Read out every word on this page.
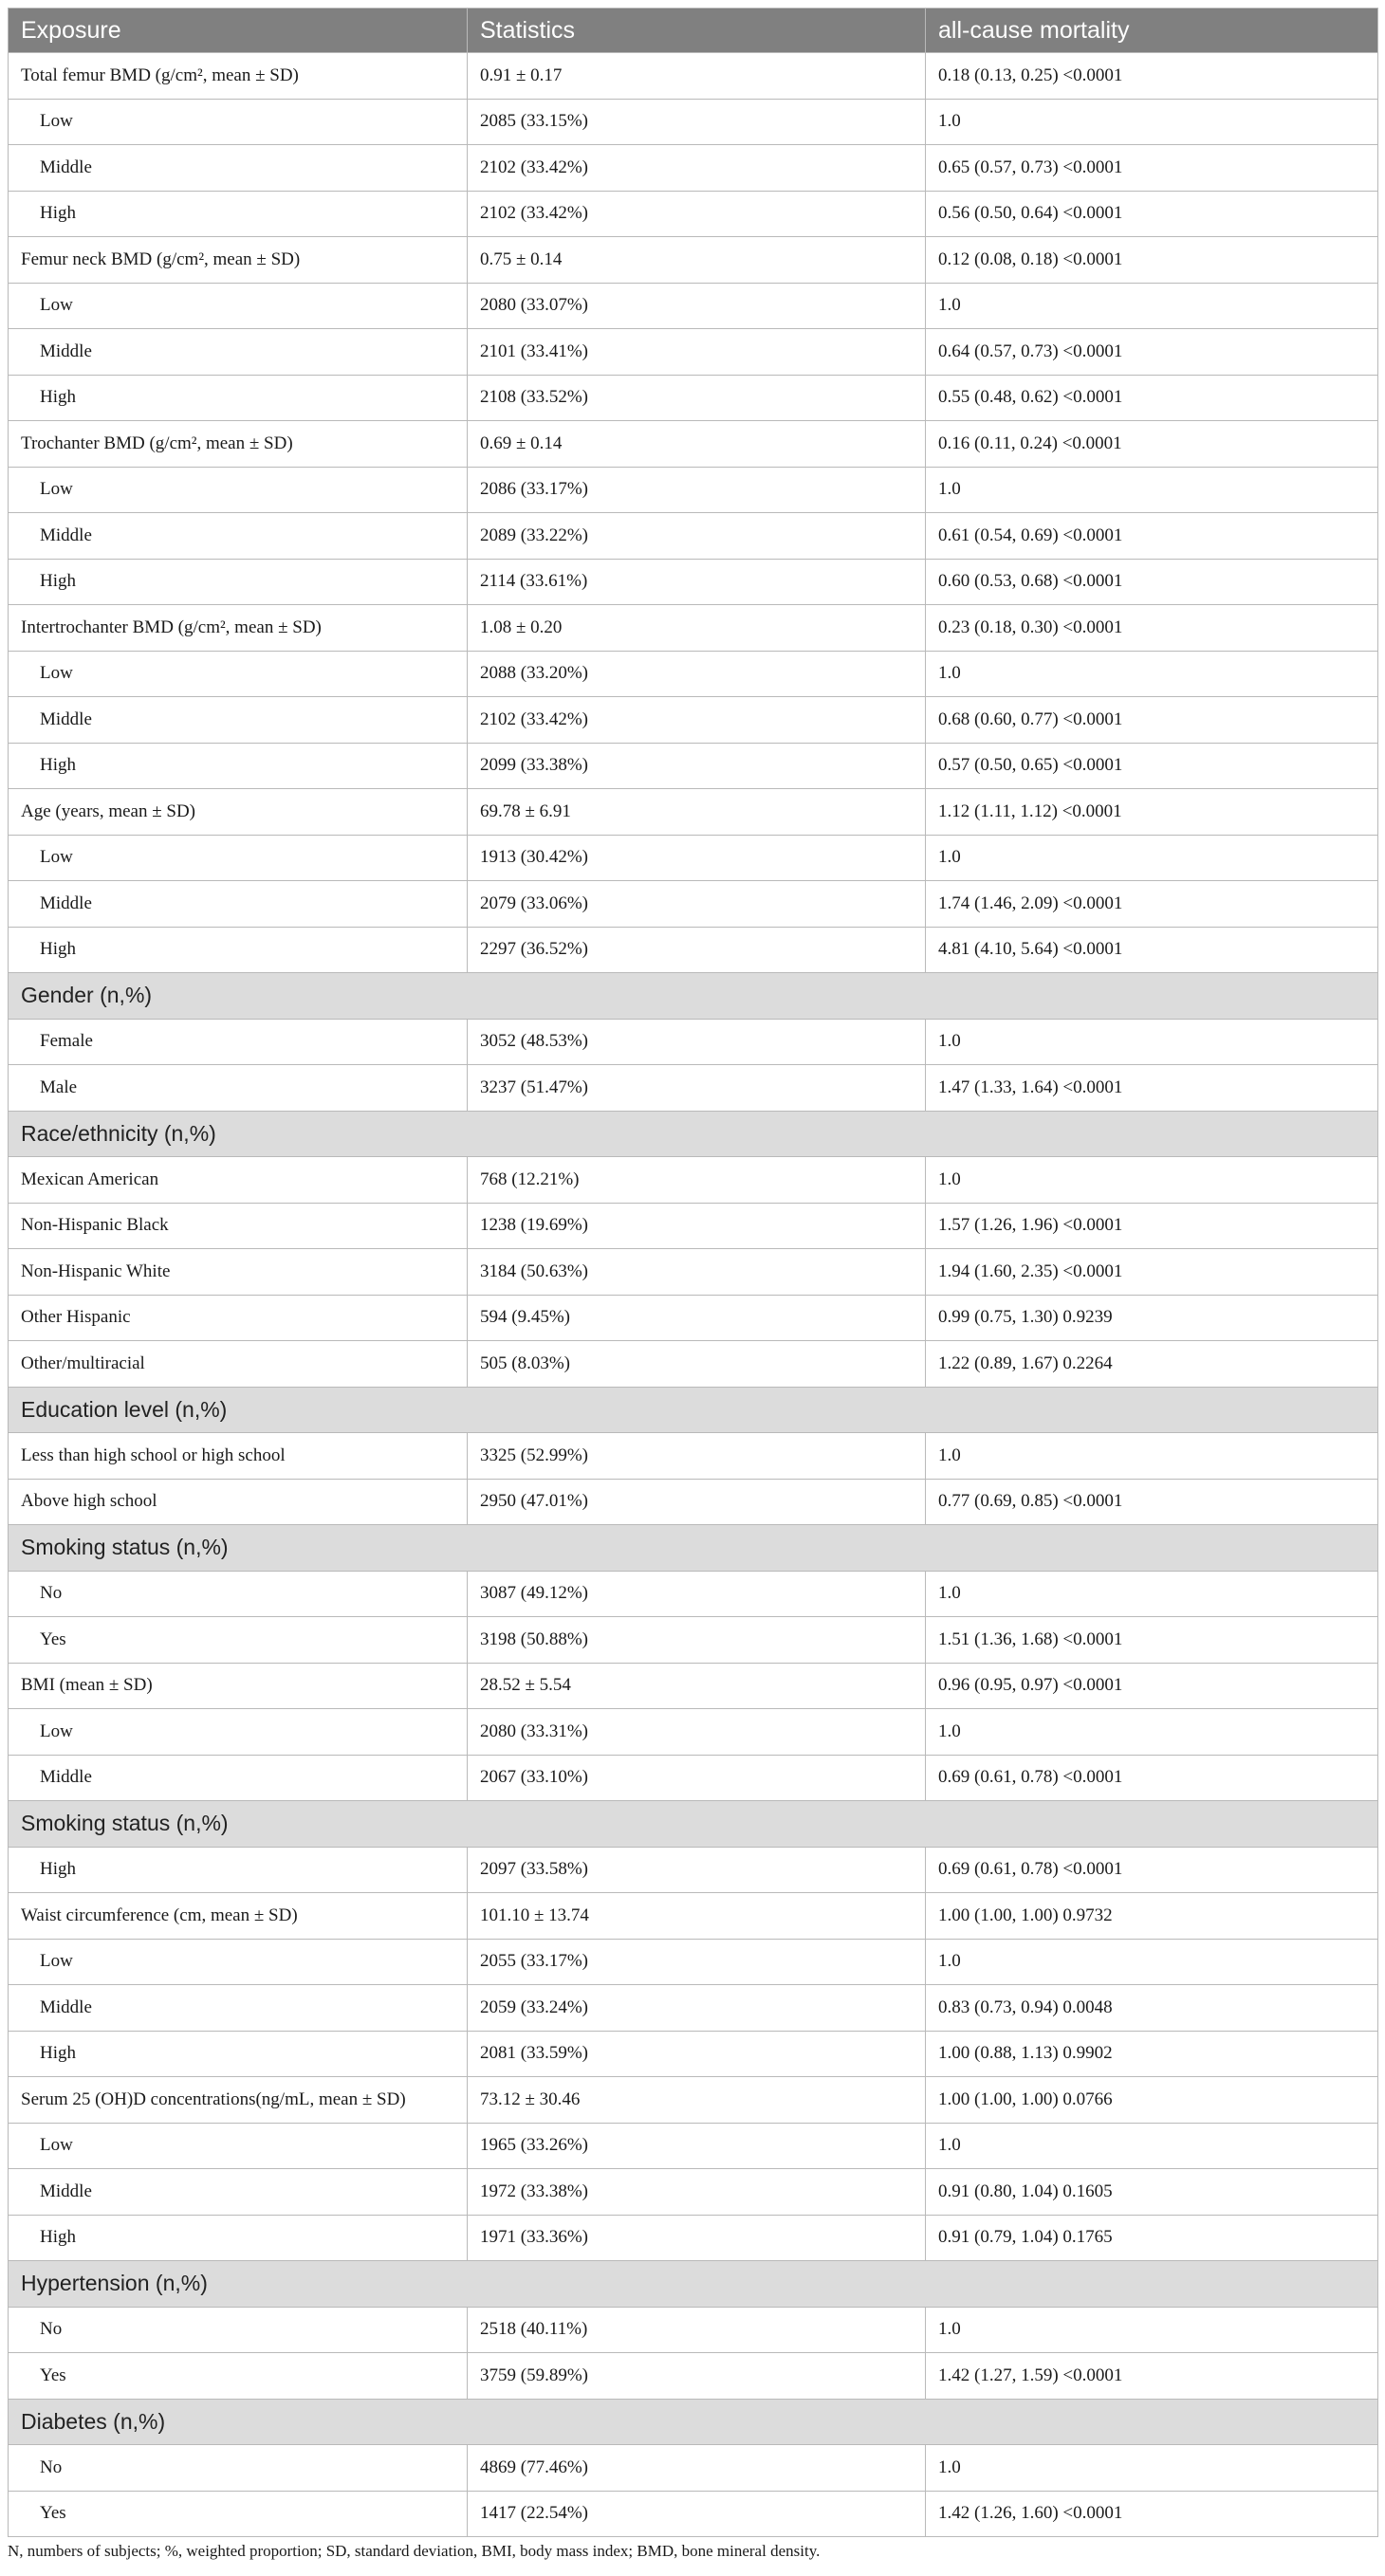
Exposure	Statistics	all-cause mortality
Total femur BMD (g/cm², mean ± SD)	0.91 ± 0.17	0.18 (0.13, 0.25) <0.0001
Low	2085 (33.15%)	1.0
Middle	2102 (33.42%)	0.65 (0.57, 0.73) <0.0001
High	2102 (33.42%)	0.56 (0.50, 0.64) <0.0001
Femur neck BMD (g/cm², mean ± SD)	0.75 ± 0.14	0.12 (0.08, 0.18) <0.0001
Low	2080 (33.07%)	1.0
Middle	2101 (33.41%)	0.64 (0.57, 0.73) <0.0001
High	2108 (33.52%)	0.55 (0.48, 0.62) <0.0001
Trochanter BMD (g/cm², mean ± SD)	0.69 ± 0.14	0.16 (0.11, 0.24) <0.0001
Low	2086 (33.17%)	1.0
Middle	2089 (33.22%)	0.61 (0.54, 0.69) <0.0001
High	2114 (33.61%)	0.60 (0.53, 0.68) <0.0001
Intertrochanter BMD (g/cm², mean ± SD)	1.08 ± 0.20	0.23 (0.18, 0.30) <0.0001
Low	2088 (33.20%)	1.0
Middle	2102 (33.42%)	0.68 (0.60, 0.77) <0.0001
High	2099 (33.38%)	0.57 (0.50, 0.65) <0.0001
Age (years, mean ± SD)	69.78 ± 6.91	1.12 (1.11, 1.12) <0.0001
Low	1913 (30.42%)	1.0
Middle	2079 (33.06%)	1.74 (1.46, 2.09) <0.0001
High	2297 (36.52%)	4.81 (4.10, 5.64) <0.0001
Gender (n,%)		
Female	3052 (48.53%)	1.0
Male	3237 (51.47%)	1.47 (1.33, 1.64) <0.0001
Race/ethnicity (n,%)		
Mexican American	768 (12.21%)	1.0
Non-Hispanic Black	1238 (19.69%)	1.57 (1.26, 1.96) <0.0001
Non-Hispanic White	3184 (50.63%)	1.94 (1.60, 2.35) <0.0001
Other Hispanic	594 (9.45%)	0.99 (0.75, 1.30) 0.9239
Other/multiracial	505 (8.03%)	1.22 (0.89, 1.67) 0.2264
Education level (n,%)		
Less than high school or high school	3325 (52.99%)	1.0
Above high school	2950 (47.01%)	0.77 (0.69, 0.85) <0.0001
Smoking status (n,%)		
No	3087 (49.12%)	1.0
Yes	3198 (50.88%)	1.51 (1.36, 1.68) <0.0001
BMI (mean ± SD)	28.52 ± 5.54	0.96 (0.95, 0.97) <0.0001
Low	2080 (33.31%)	1.0
Middle	2067 (33.10%)	0.69 (0.61, 0.78) <0.0001
Smoking status (n,%)		
High	2097 (33.58%)	0.69 (0.61, 0.78) <0.0001
Waist circumference (cm, mean ± SD)	101.10 ± 13.74	1.00 (1.00, 1.00) 0.9732
Low	2055 (33.17%)	1.0
Middle	2059 (33.24%)	0.83 (0.73, 0.94) 0.0048
High	2081 (33.59%)	1.00 (0.88, 1.13) 0.9902
Serum 25 (OH)D concentrations(ng/mL, mean ± SD)	73.12 ± 30.46	1.00 (1.00, 1.00) 0.0766
Low	1965 (33.26%)	1.0
Middle	1972 (33.38%)	0.91 (0.80, 1.04) 0.1605
High	1971 (33.36%)	0.91 (0.79, 1.04) 0.1765
Hypertension (n,%)		
No	2518 (40.11%)	1.0
Yes	3759 (59.89%)	1.42 (1.27, 1.59) <0.0001
Diabetes (n,%)		
No	4869 (77.46%)	1.0
Yes	1417 (22.54%)	1.42 (1.26, 1.60) <0.0001
N, numbers of subjects; %, weighted proportion; SD, standard deviation, BMI, body mass index; BMD, bone mineral density.
